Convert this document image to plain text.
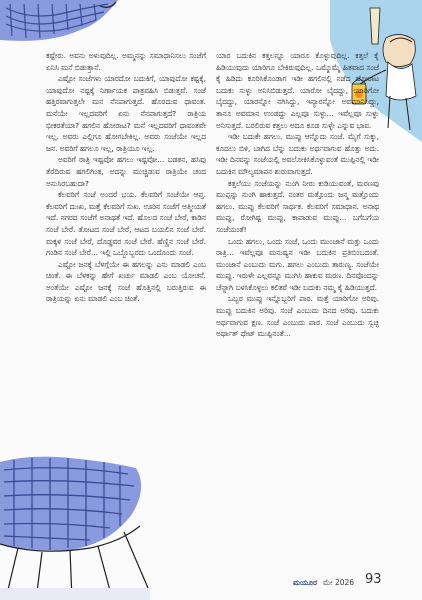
ಕಷ್ಟೇರು. ಅವನು ಅಳುವುದಿಲ್ಲ. ಅಮ್ಮನನ್ನು ಸಮಾಧಾನಿಸಲು ಸಂಜೆಗೆ ಏನಿಸಿ ಮನೆ ಬಿಡುತ್ತಾನೆ.

ಎಷ್ಟೋ ಸಂಜೆಗಳು ಯಾರದೋ ಬದುಕಿಗೆ, ಯಾವುದೋ ಕಷ್ಟಕ್ಕೆ, ಯಾವುದೋ ನಷ್ಟಕ್ಕೆ ನಿರ್ಣಾಯಕ ಪಾತ್ರವಹಿಸಿ ಬಿಡುತ್ತವೆ. ಸಂಜೆ ಹತ್ತಿರವಾಗುತ್ತಲೇ ಮನ ನೆನಪಾಗುತ್ತದೆ. ಹೊರದುವ ಧಾವಂತ. ಮನೆಯೇ ಇಲ್ಲದವರಿಗೆ ಏನು ನೆನಪಾಗುತ್ತದೆ? ರಾತ್ರಿಯ ಭೀಕರತೆಯಾ? ಹಗಲಿನ ಹೋರಾಟ? ಮನೆ ಇಲ್ಲದವರಿಗೆ ಧಾವಂತವೇ ಇಲ್ಲ. ಅವರು ಎಲ್ಲಿಗೂ ಹೋಗಬೇಕಿಲ್ಲ. ಅವರು ಸಂಜೆಯೇ ಇಲ್ಲದ ಜನ. ಅವರಿಗೆ ಹಗಲೂ ಇಲ್ಲ, ರಾತ್ರಿಯೂ ಇಲ್ಲ.

ಅವರಿಗೆ ರಾತ್ರಿ ಇಷ್ಟವೋ ಹಗಲು ಇಷ್ಟವೋ... ಬಡತನ, ಹಸಿವು ತೆರೆದಿರುವ ಹಗಲಿಗಿಂತ, ಅದನ್ನು ಮುಚ್ಚಿಡುವ ರಾತ್ರಿಯೇ ಚಂದ ಅನುಸಿರಬಹುದಾ?

ಕೆಲವರಿಗೆ ಸಂಜೆ ಅಂದರೆ ಭಯ. ಕೆಲವರಿಗೆ ಸಂಜೆಯೇ ಆಪ್ತ. ಕೆಲವರಿಗೆ ದುಃಖ, ಮತ್ತೆ ಕೆಲವರಿಗೆ ಸುಖ. ಊರಿನ ಸಂಜೆಗೆ ಆತ್ಮೀಯತೆ ಇದೆ. ನಗರದ ಸಂಜೆಗೆ ಅನಾಥತೆ ಇದೆ. ಹೊಲದ ಸಂಜೆ ಬೇರೆ, ಕಾಡಿನ ಸಂಜೆ ಬೇರೆ. ತೋಟದ ಸಂಜೆ ಬೇರೆ, ಆಟದ ಬಯಲಿನ ಸಂಜೆ ಬೇರೆ. ಮಕ್ಕಳ ಸಂಜೆ ಬೇರೆ, ದೊಡ್ಡವರ ಸಂಜೆ ಬೇರೆ. ಹೆಣ್ಣಿನ ಸಂಜೆ ಬೇರೆ. ಗಂಡಿನ ಸಂಜೆ ಬೇರೆ... ಇಲ್ಲಿ ಒಬ್ಬೊಬ್ಬರದು ಒಂದೊಂದು ಸಂಜೆ.

ಎಷ್ಟೋ ಜನಕ್ಕೆ ಬೆಳಗ್ಗೆಯೇ ಈ ಹಗಲನ್ನು ಎನು ಮಾಡಲಿ ಎಂಬ ಚಿಂತೆ. ಈ ಬೆಳಕನ್ನು ಹೇಗೆ ಖರ್ಚು ಮಾಡಲಿ ಎಂಬ ಯೋಚನೆ. ಅಂತೆಯೇ ಎಷ್ಟೋ ಜನಕ್ಕೆ ಸಂಜೆ ಹೊತ್ತಿನಲ್ಲಿ ಬರುತ್ತಿರುವ ಈ ರಾತ್ರಿಯನ್ನು ಏನು ಮಾಡಲಿ ಎಂಬ ಚಿಂತೆ.

ಯಾರ ಬದುಕಿನ ಕತ್ತಲನ್ನೂ ಯಾರೂ ಕೊಳ್ಳುವುದಿಲ್ಲ. ಕತ್ತಲೆ ಕೈ ಹಿಡಿಯುವುದು ಯಾರಿಗೂ ಬೇಕಿರುವುದಿಲ್ಲ. ಒಮ್ಮೊಮ್ಮೆ ಹಿತವಾದ ಸಂಜೆ ಕೈ ಹಿಡಿದು ಕೂರಿಸಿಕೊಂಡಾಗ ಇಡೀ ಹಗಲಿನಲ್ಲಿ ನಡೆದ ಹೋರಾಟ ಬದುಕು ಸುಳ್ಳು ಅನಿಸಿಬಿಡುತ್ತದೆ. ಯಾರೋ ಬೈದದ್ದು, ಯಾರಿಗೋ ಬೈದದ್ದು, ಯಾರನ್ನೋ ನಗಿಸಿದ್ದು, ಇನ್ಯಾರನ್ನೋ ಅವಮಾನಿಸಿದ್ದು, ತಾನೂ ಅವಮಾನ ಉಂಡದ್ದು ಎಲ್ಲವೂ ಸುಳ್ಳು... ಇವೆಲ್ಲವೂ ಸುಳ್ಳು ಅನಿಸುತ್ತದೆ. ಬರಲಿರುವ ಕತ್ತಲು ಅದೂ ಕೂಡ ಸುಳ್ಳೇ ಎನ್ನುವ ಭಾವ.

ಇಡೀ ಬದುಕೇ ಹಗಲು. ಮುಪ್ಪು ಆನ್ನೊದು ಸಂಜೆ. ಮೈಗೆ ಸುಕ್ಕು, ಕೂದಲು ಬಿಳಿ, ಬಾಗಿದ ಬೆನ್ನು ಬದುಕು ಅರ್ಥವಾಗುವ ಹೊತ್ತು ಅದು. ಇಡೀ ದಿನವನ್ನು ಸಂಜೆಯಲ್ಲಿ ಅವಲೋಕಿಸಿಕೊಳ್ಳುವಂತೆ ಮುಪ್ಪಿನಲ್ಲಿ ಇಡೀ ಬದುಕಿನ ಮೌಲ್ಯಮಾಪನ ಶುರುವಾಗುತ್ತದೆ.

ಕತ್ತಲೆಯು ಸಂಜೆಯನ್ನು ನುಂಗಿ ನೀರು ಕುಡಿಯುವಂತೆ, ಮರಣವು ಮುಪ್ಪನ್ನು ನುಂಗಿ ಹಾಕುತ್ತದೆ. ನಂತರ ಮತ್ತೊಂದು ಜನ್ಮ ಮತ್ತೊಂದು ಹಗಲು. ಮುಪ್ಪು ಕೆಲವರಿಗೆ ಸಾರ್ಥಕ. ಕೆಲವರಿಗೆ ಸಮಾಧಾನ. ಅನಾಥ ಮುಪ್ಪು, ರೋಗಿಷ್ಟ ಮುಪ್ಪು, ಕಾಪಾಡುವ ಮುಪ್ಪು... ಬಗೆಬಗೆಯ ಸಂಜೆಯಂತೆ!

ಒಂದು ಹಗಲು, ಒಂದು ಸಂಜೆ, ಒಂದು ಮುಂಜಾನೆ ಮತ್ತು ಒಂದು ರಾತ್ರಿ... ಇವೆಲ್ಲವೂ ಮನುಷ್ಯನ ಇಡೀ ಬದುಕಿನ ಪ್ರತಿಬಿಂಬದಂತೆ. ಮುಂಜಾನೆ ಎಂಬುದು ಮಗು. ಹಗಲು ಎಂಬುದು ತಾರುಣ್ಯ. ಸಂಜೆಯೇ ಮುಪ್ಪು. ಇರುಳೇ ಎಲ್ಲವನ್ನೂ ಮುಗಿಸಿ ಹಾಕುವ ಮರಣ. ದಿನವೊಂದನ್ನು ಚೆನ್ನಾಗಿ ಬಳಸಿಕೊಳ್ಳಲು ಕಲಿತರೆ ಇಡೀ ಬದುಕು ನಮ್ಮ ಕೈ ಹಿಡಿಯುತ್ತದೆ.

ಒಬ್ಬರ ಮುಪ್ಪು ಇನ್ನೊಬ್ಬರಿಗೆ ಪಾಠ. ಮತ್ತೆ ಯಾರಿಗೋ ಅರಿವು. ಮುಪ್ಪು ಬದುಕಿನ ಅರಿವು. ಸಂಜೆ ಎಂಬುದು ದಿನದ ಅರಿವು. ಬದುಕು ಅರ್ಥವಾಗುವ ಕ್ಷಣ. ಸಂಜೆ ಎಂಬುದು ಪಾಠ. ಸಂಜೆ ಎಂಬುದು ಸ್ವಚ್ಛ ಅರ್ಥಾತ್ ಧೇಟ್ ಮುಪ್ಪಿನಂತೆ...

ಮಯೂರ ಮೇ 2026 93
